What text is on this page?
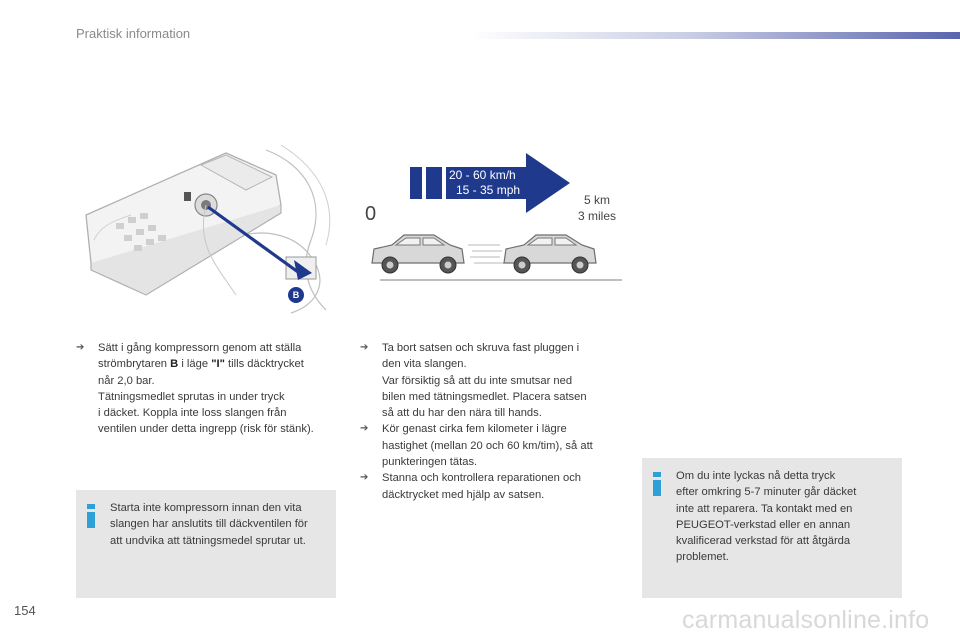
Praktisk information
B
20 - 60 km/h
15 - 35 mph
0
5 km
3 miles
➔ Sätt i gång kompressorn genom att ställa
strömbrytaren B i läge "I" tills däcktrycket
når 2,0 bar.
Tätningsmedlet sprutas in under tryck
i däcket. Koppla inte loss slangen från
ventilen under detta ingrepp (risk för stänk).
➔ Ta bort satsen och skruva fast pluggen i
den vita slangen.
Var försiktig så att du inte smutsar ned
bilen med tätningsmedlet. Placera satsen
så att du har den nära till hands.
➔ Kör genast cirka fem kilometer i lägre
hastighet (mellan 20 och 60 km/tim), så att
punkteringen tätas.
➔ Stanna och kontrollera reparationen och
däcktrycket med hjälp av satsen.
Starta inte kompressorn innan den vita
slangen har anslutits till däckventilen för
att undvika att tätningsmedel sprutar ut.
Om du inte lyckas nå detta tryck
efter omkring 5-7 minuter går däcket
inte att reparera. Ta kontakt med en
PEUGEOT-verkstad eller en annan
kvalificerad verkstad för att åtgärda
problemet.
154	carmanualsonline.info
